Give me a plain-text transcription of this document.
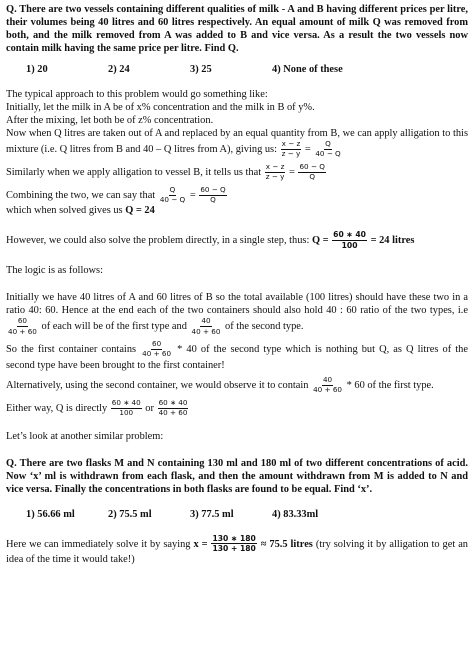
Q. There are two vessels containing different qualities of milk - A and B having different prices per litre, their volumes being 40 litres and 60 litres respectively. An equal amount of milk Q was removed from both, and the milk removed from A was added to B and vice versa. As a result the two vessels now contain milk having the same price per litre. Find Q.

1) 20	2) 24	3) 25	4) None of these

The typical approach to this problem would go something like:

Initially, let the milk in A be of x% concentration and the milk in B of y%.

After the mixing, let both be of z% concentration.

Now when Q litres are taken out of A and replaced by an equal quantity from B, we can apply alligation to this mixture (i.e. Q litres from B and 40 – Q litres from A), giving us: $\frac{x - z}{z - y} = \frac{Q}{40 - Q}$

Similarly when we apply alligation to vessel B, it tells us that $\frac{x - z}{z - y} = \frac{60 - Q}{Q}$

Combining the two, we can say that $\frac{Q}{40 - Q} = \frac{60 - Q}{Q}$

which when solved gives us Q = 24

However, we could also solve the problem directly, in a single step, thus: $Q = \frac{60 ∗ 40}{100} = 24$ litres

The logic is as follows:

Initially we have 40 litres of A and 60 litres of B so the total available (100 litres) should have these two in a ratio 40: 60. Hence at the end each of the two containers should also hold 40 : 60 ratio of the two types, i.e
$\frac{60}{40 + 60}$ of each will be of the first type and $\frac{40}{40 + 60}$ of the second type.

So the first container contains $\frac{60}{40 + 60} * 40$ of the second type which is nothing but Q, as Q litres of the second type have been brought to the first container!

Alternatively, using the second container, we would observe it to contain $\frac{40}{40 + 60} * 60$ of the first type.

Either way, Q is directly $\frac{60 ∗ 40}{100}$ or $\frac{60 ∗ 40}{40 + 60}$

Let’s look at another similar problem:

Q. There are two flasks M and N containing 130 ml and 180 ml of two different concentrations of acid. Now ‘x’ ml is withdrawn from each flask, and then the amount withdrawn from M is added to N and vice versa. Finally the concentrations in both flasks are found to be equal. Find ‘x’.

1) 56.66 ml	2) 75.5 ml	3) 77.5 ml	4) 83.33ml

Here we can immediately solve it by saying $x = \frac{130 ∗ 180}{130 + 180} \approx 75.5$ litres (try solving it by alligation to get an idea of the time it would take!)
